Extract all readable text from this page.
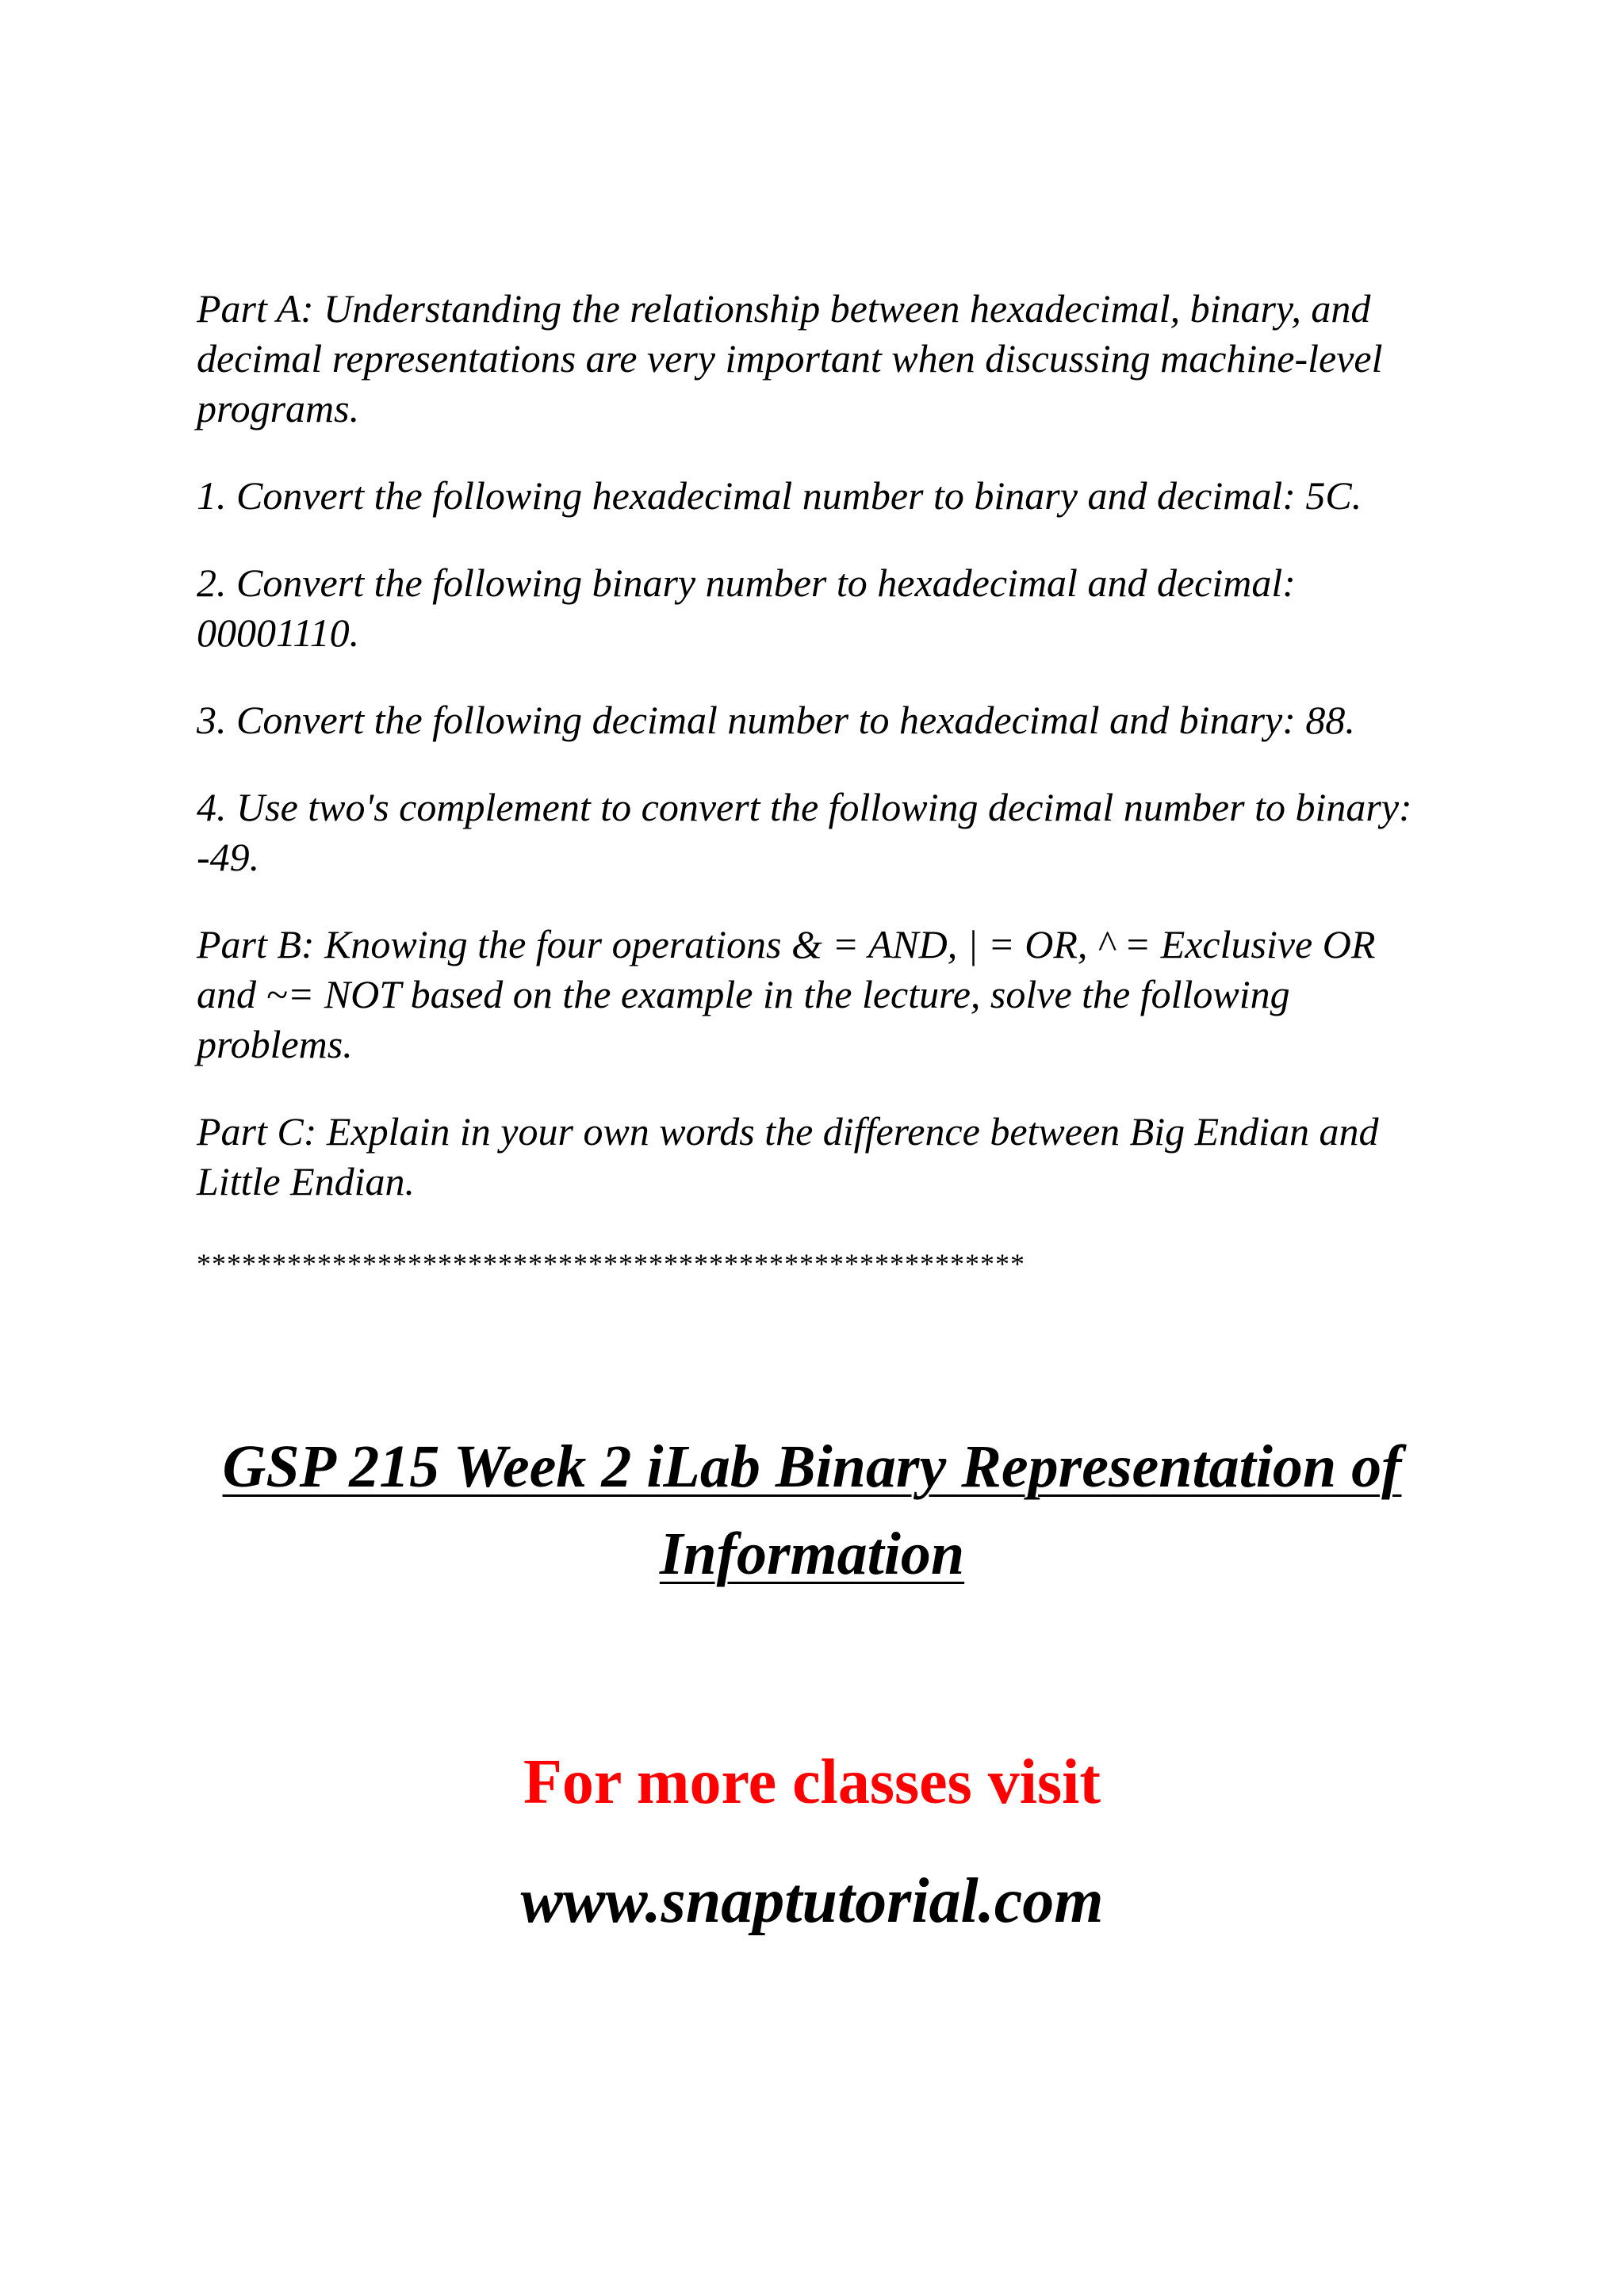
Part A: Understanding the relationship between hexadecimal, binary, and decimal representations are very important when discussing machine-level programs.

1. Convert the following hexadecimal number to binary and decimal: 5C.

2. Convert the following binary number to hexadecimal and decimal: 00001110.

3. Convert the following decimal number to hexadecimal and binary: 88.

4. Use two's complement to convert the following decimal number to binary: -49.

Part B: Knowing the four operations & = AND, | = OR, ^ = Exclusive OR and ~= NOT based on the example in the lecture, solve the following problems.

Part C: Explain in your own words the difference between Big Endian and Little Endian.

*******************************************************
GSP 215 Week 2 iLab Binary Representation of Information

For more classes visit

www.snaptutorial.com
